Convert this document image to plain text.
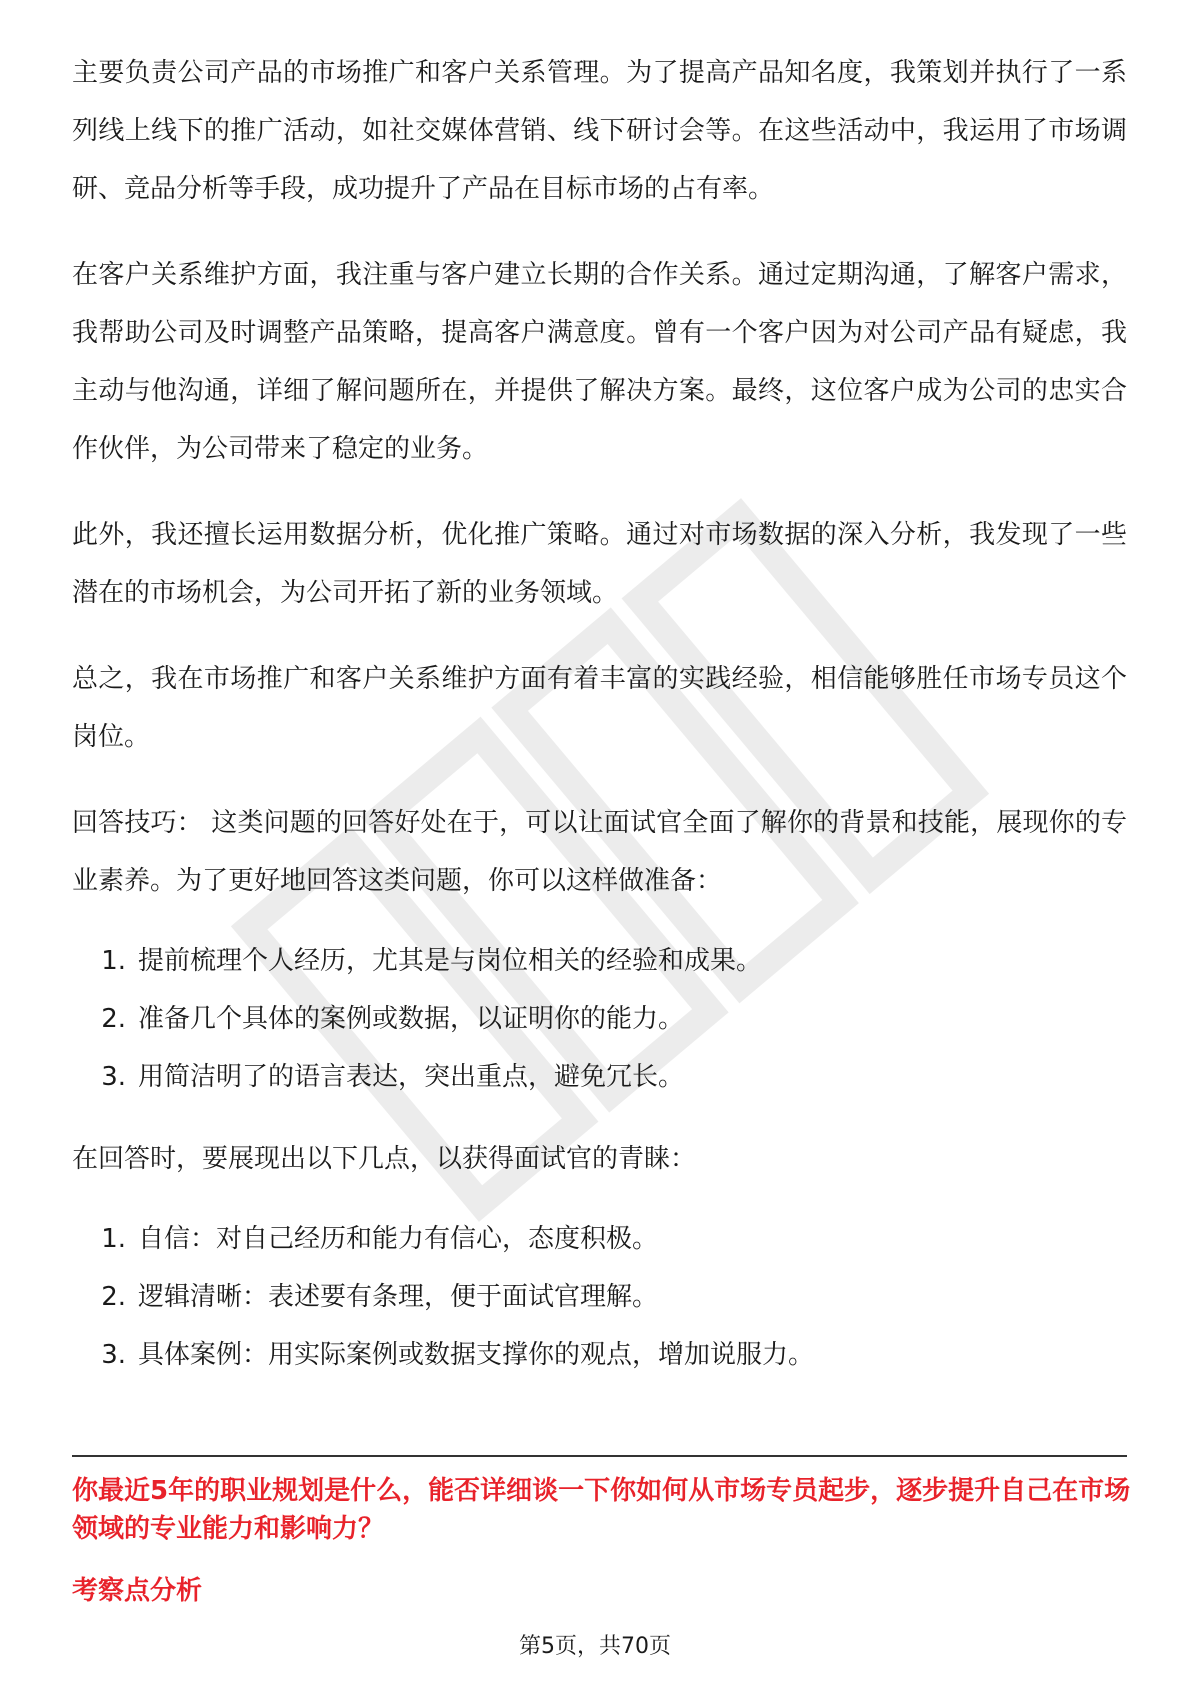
主要负责公司产品的市场推广和客户关系管理。为了提高产品知名度，我策划并执行了一系列线上线下的推广活动，如社交媒体营销、线下研讨会等。在这些活动中，我运用了市场调研、竞品分析等手段，成功提升了产品在目标市场的占有率。

在客户关系维护方面，我注重与客户建立长期的合作关系。通过定期沟通，了解客户需求，我帮助公司及时调整产品策略，提高客户满意度。曾有一个客户因为对公司产品有疑虑，我主动与他沟通，详细了解问题所在，并提供了解决方案。最终，这位客户成为公司的忠实合作伙伴，为公司带来了稳定的业务。

此外，我还擅长运用数据分析，优化推广策略。通过对市场数据的深入分析，我发现了一些潜在的市场机会，为公司开拓了新的业务领域。

总之，我在市场推广和客户关系维护方面有着丰富的实践经验，相信能够胜任市场专员这个岗位。

回答技巧： 这类问题的回答好处在于，可以让面试官全面了解你的背景和技能，展现你的专业素养。为了更好地回答这类问题，你可以这样做准备：

1. 提前梳理个人经历，尤其是与岗位相关的经验和成果。
2. 准备几个具体的案例或数据，以证明你的能力。
3. 用简洁明了的语言表达，突出重点，避免冗长。

在回答时，要展现出以下几点，以获得面试官的青睐：

1. 自信：对自己经历和能力有信心，态度积极。
2. 逻辑清晰：表述要有条理，便于面试官理解。
3. 具体案例：用实际案例或数据支撑你的观点，增加说服力。
你最近5年的职业规划是什么，能否详细谈一下你如何从市场专员起步，逐步提升自己在市场领域的专业能力和影响力？
考察点分析
第5页，共70页
